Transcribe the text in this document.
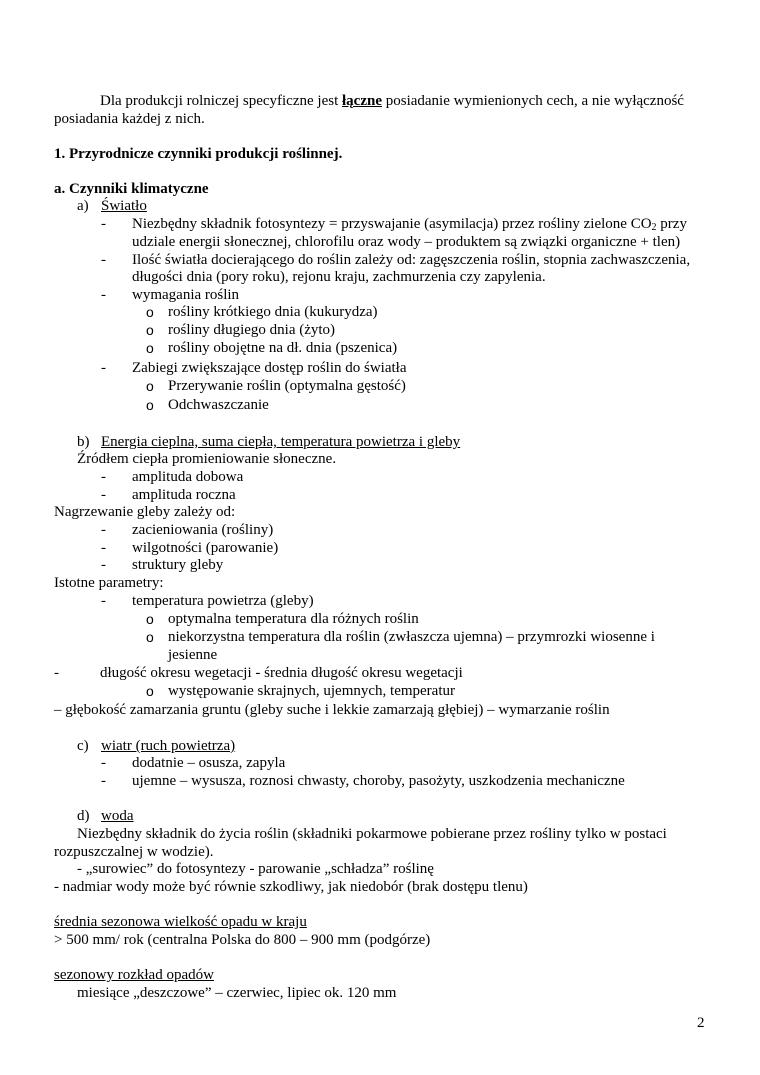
Dla produkcji rolniczej specyficzne jest łączne posiadanie wymienionych cech, a nie wyłączność
posiadania każdej z nich.
1. Przyrodnicze czynniki produkcji roślinnej.
a. Czynniki klimatyczne
a) Światło
- Niezbędny składnik fotosyntezy = przyswajanie (asymilacja) przez rośliny zielone $CO_2$ przy
udziale energii słonecznej, chlorofilu oraz wody – produktem są związki organiczne + tlen)
- Ilość światła docierającego do roślin zależy od: zagęszczenia roślin, stopnia zachwaszczenia,
długości dnia (pory roku), rejonu kraju, zachmurzenia czy zapylenia.
- wymagania roślin
o rośliny krótkiego dnia (kukurydza)
o rośliny długiego dnia (żyto)
o rośliny obojętne na dł. dnia (pszenica)
- Zabiegi zwiększające dostęp roślin do światła
o Przerywanie roślin (optymalna gęstość)
o Odchwaszczanie
b) Energia cieplna, suma ciepła, temperatura powietrza i gleby
Źródłem ciepła promieniowanie słoneczne.
- amplituda dobowa
- amplituda roczna
Nagrzewanie gleby zależy od:
- zacieniowania (rośliny)
- wilgotności (parowanie)
- struktury gleby
Istotne parametry:
- temperatura powietrza (gleby)
o optymalna temperatura dla różnych roślin
o niekorzystna temperatura dla roślin (zwłaszcza ujemna) – przymrozki wiosenne i
jesienne
-	długość okresu wegetacji - średnia długość okresu wegetacji
o występowanie skrajnych, ujemnych, temperatur
– głębokość zamarzania gruntu (gleby suche i lekkie zamarzają głębiej) – wymarzanie roślin
c) wiatr (ruch powietrza)
- dodatnie – osusza, zapyla
- ujemne – wysusza, roznosi chwasty, choroby, pasożyty, uszkodzenia mechaniczne
d) woda
Niezbędny składnik do życia roślin (składniki pokarmowe pobierane przez rośliny tylko w postaci
rozpuszczalnej w wodzie).
- „surowiec” do fotosyntezy - parowanie „schładza” roślinę
- nadmiar wody może być równie szkodliwy, jak niedobór (brak dostępu tlenu)
średnia sezonowa wielkość opadu w kraju
> 500 mm/ rok (centralna Polska do 800 – 900 mm (podgórze)
sezonowy rozkład opadów
miesiące „deszczowe” – czerwiec, lipiec ok. 120 mm
2
